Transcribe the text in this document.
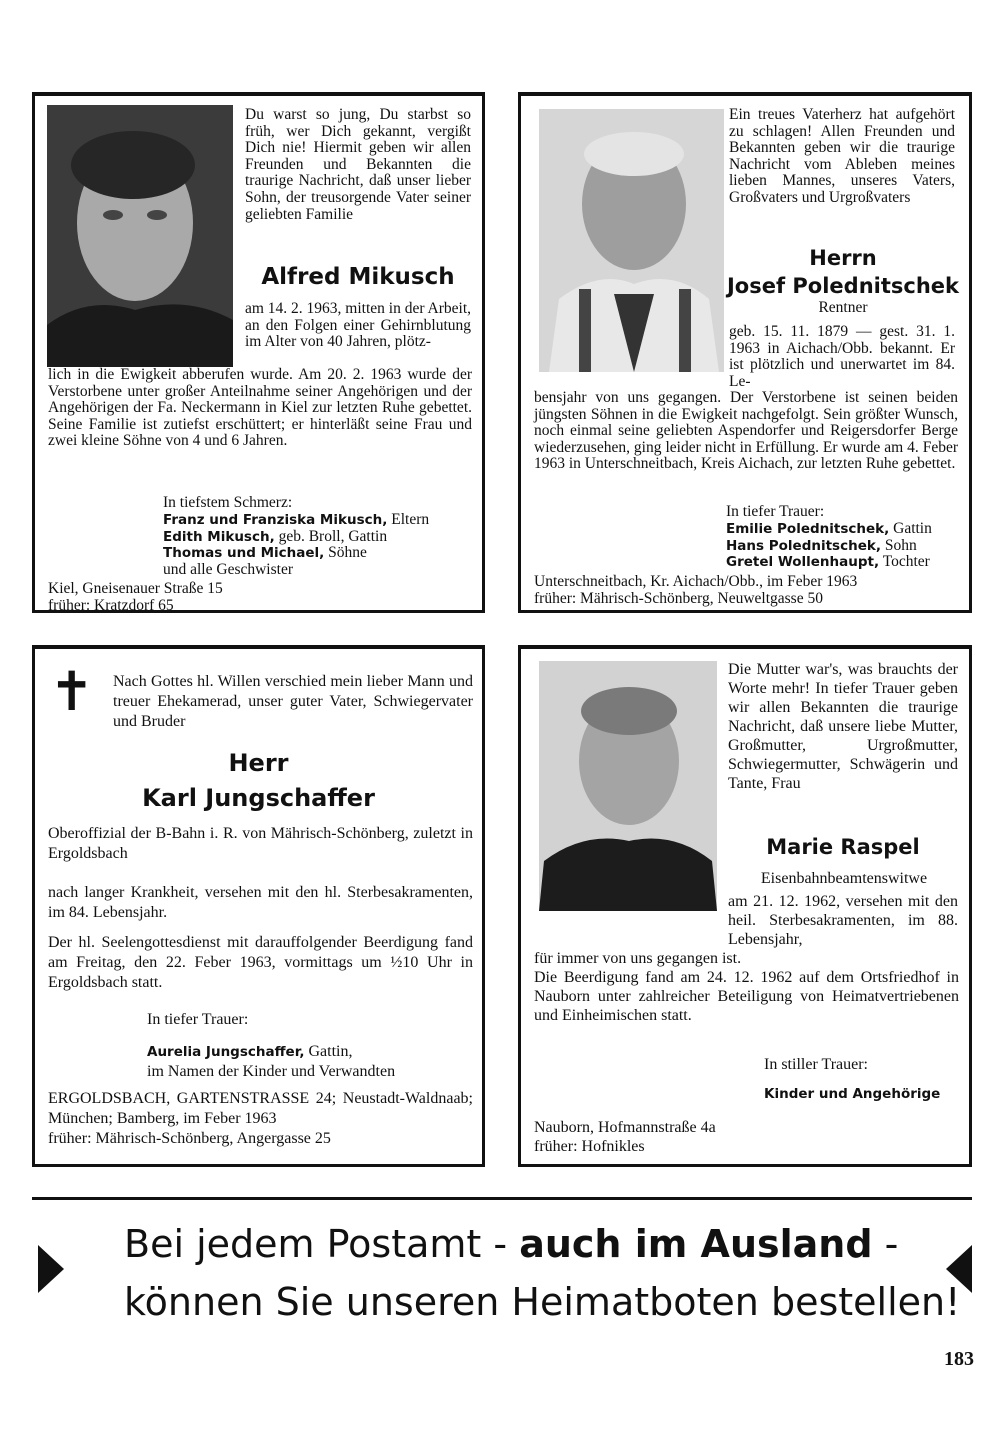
Du warst so jung, Du starbst so früh, wer Dich gekannt, vergißt Dich nie! Hiermit geben wir allen Freunden und Bekannten die traurige Nachricht, daß unser lieber Sohn, der treusorgende Vater seiner geliebten Familie
Alfred Mikusch
am 14. 2. 1963, mitten in der Arbeit, an den Folgen einer Gehirnblutung im Alter von 40 Jahren, plötz-
lich in die Ewigkeit abberufen wurde. Am 20. 2. 1963 wurde der Verstorbene unter großer Anteilnahme seiner Angehörigen und der Angehörigen der Fa. Neckermann in Kiel zur letzten Ruhe gebettet. Seine Familie ist zutiefst erschüttert; er hinterläßt seine Frau und zwei kleine Söhne von 4 und 6 Jahren.
In tiefstem Schmerz:
Franz und Franziska Mikusch, Eltern
Edith Mikusch, geb. Broll, Gattin
Thomas und Michael, Söhne
und alle Geschwister
Kiel, Gneisenauer Straße 15
früher: Kratzdorf 65
Ein treues Vaterherz hat aufgehört zu schlagen! Allen Freunden und Bekannten geben wir die traurige Nachricht vom Ableben meines lieben Mannes, unseres Vaters, Großvaters und Urgroßvaters
Herrn
Josef Polednitschek
Rentner
geb. 15. 11. 1879 — gest. 31. 1. 1963 in Aichach/Obb. bekannt. Er ist plötzlich und unerwartet im 84. Le-
bensjahr von uns gegangen. Der Verstorbene ist seinen beiden jüngsten Söhnen in die Ewigkeit nachgefolgt. Sein größter Wunsch, noch einmal seine geliebten Aspendorfer und Reigersdorfer Berge wiederzusehen, ging leider nicht in Erfüllung. Er wurde am 4. Feber 1963 in Unterschneitbach, Kreis Aichach, zur letzten Ruhe gebettet.
In tiefer Trauer:
Emilie Polednitschek, Gattin
Hans Polednitschek, Sohn
Gretel Wollenhaupt, Tochter
Unterschneitbach, Kr. Aichach/Obb., im Feber 1963
früher: Mährisch-Schönberg, Neuweltgasse 50
✝ Nach Gottes hl. Willen verschied mein lieber Mann und treuer Ehekamerad, unser guter Vater, Schwiegervater und Bruder
Herr
Karl Jungschaffer
Oberoffizial der B-Bahn i. R. von Mährisch-Schönberg, zuletzt in Ergoldsbach
nach langer Krankheit, versehen mit den hl. Sterbesakramenten, im 84. Lebensjahr.
Der hl. Seelengottesdienst mit darauffolgender Beerdigung fand am Freitag, den 22. Feber 1963, vormittags um ½10 Uhr in Ergoldsbach statt.
In tiefer Trauer:
Aurelia Jungschaffer, Gattin,
im Namen der Kinder und Verwandten
ERGOLDSBACH, GARTENSTRASSE 24; Neustadt-Waldnaab; München; Bamberg, im Feber 1963
früher: Mährisch-Schönberg, Angergasse 25
Die Mutter war's, was brauchts der Worte mehr! In tiefer Trauer geben wir allen Bekannten die traurige Nachricht, daß unsere liebe Mutter, Großmutter, Urgroßmutter, Schwiegermutter, Schwägerin und Tante, Frau
Marie Raspel
Eisenbahnbeamtenswitwe
am 21. 12. 1962, versehen mit den heil. Sterbesakramenten, im 88. Lebensjahr,
für immer von uns gegangen ist.
Die Beerdigung fand am 24. 12. 1962 auf dem Ortsfriedhof in Nauborn unter zahlreicher Beteiligung von Heimatvertriebenen und Einheimischen statt.
In stiller Trauer:
Kinder und Angehörige
Nauborn, Hofmannstraße 4a
früher: Hofnikles
Bei jedem Postamt - auch im Ausland -
können Sie unseren Heimatboten bestellen!
183
